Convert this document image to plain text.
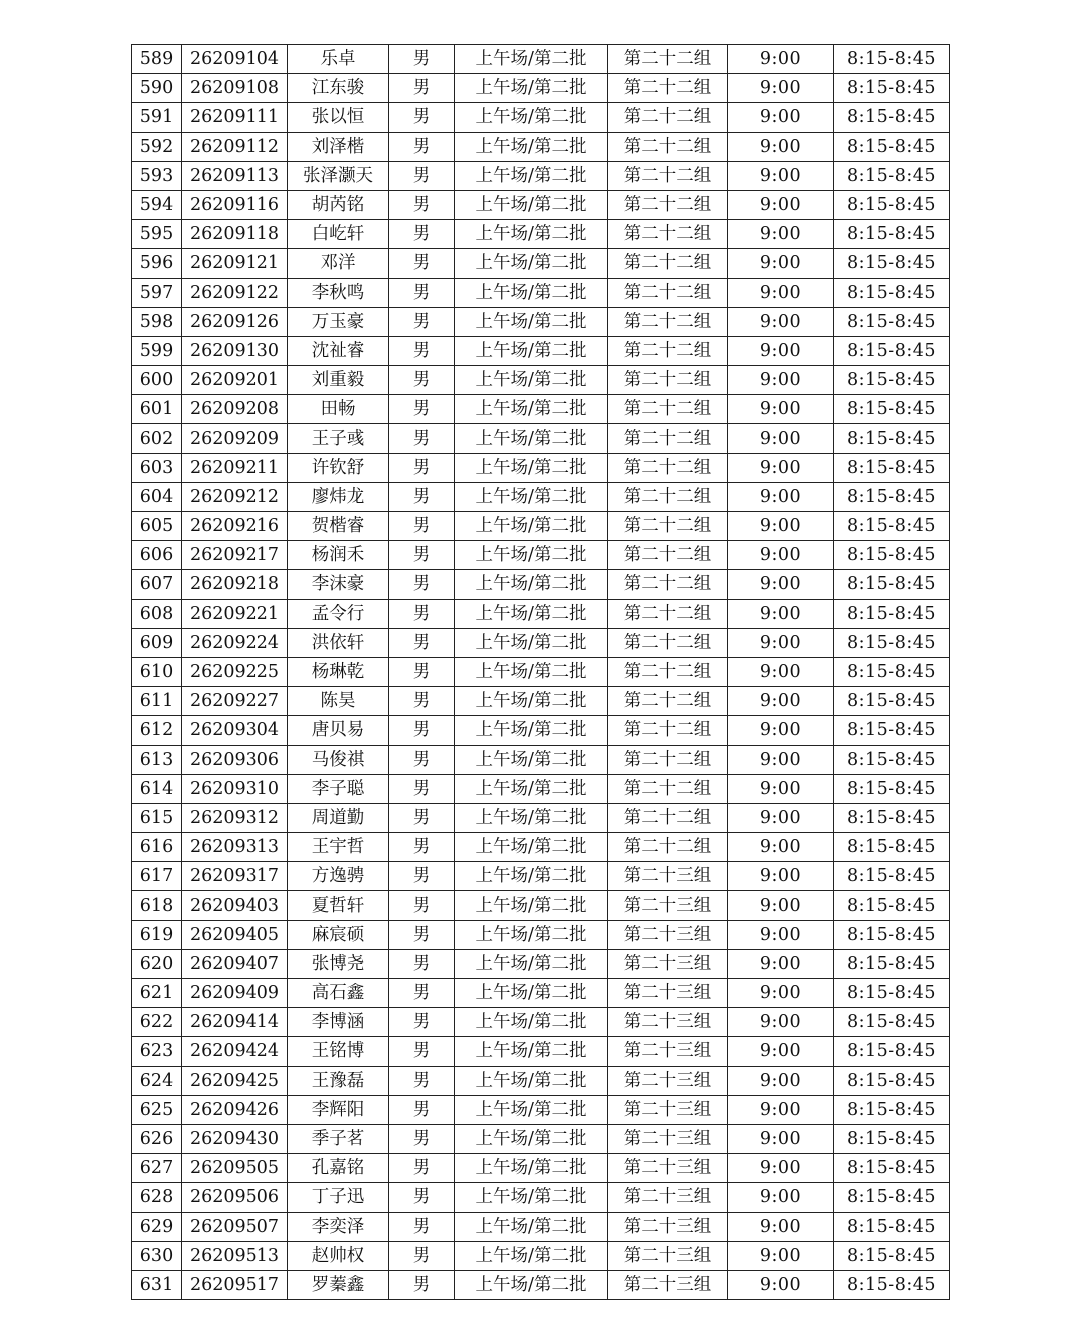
589	26209104	乐卓	男	上午场/第二批	第二十二组	9:00	8:15-8:45
590	26209108	江东骏	男	上午场/第二批	第二十二组	9:00	8:15-8:45
591	26209111	张以恒	男	上午场/第二批	第二十二组	9:00	8:15-8:45
592	26209112	刘泽楷	男	上午场/第二批	第二十二组	9:00	8:15-8:45
593	26209113	张泽灏天	男	上午场/第二批	第二十二组	9:00	8:15-8:45
594	26209116	胡芮铭	男	上午场/第二批	第二十二组	9:00	8:15-8:45
595	26209118	白屹轩	男	上午场/第二批	第二十二组	9:00	8:15-8:45
596	26209121	邓洋	男	上午场/第二批	第二十二组	9:00	8:15-8:45
597	26209122	李秋鸣	男	上午场/第二批	第二十二组	9:00	8:15-8:45
598	26209126	万玉豪	男	上午场/第二批	第二十二组	9:00	8:15-8:45
599	26209130	沈祉睿	男	上午场/第二批	第二十二组	9:00	8:15-8:45
600	26209201	刘重毅	男	上午场/第二批	第二十二组	9:00	8:15-8:45
601	26209208	田畅	男	上午场/第二批	第二十二组	9:00	8:15-8:45
602	26209209	王子彧	男	上午场/第二批	第二十二组	9:00	8:15-8:45
603	26209211	许钦舒	男	上午场/第二批	第二十二组	9:00	8:15-8:45
604	26209212	廖炜龙	男	上午场/第二批	第二十二组	9:00	8:15-8:45
605	26209216	贺楷睿	男	上午场/第二批	第二十二组	9:00	8:15-8:45
606	26209217	杨润禾	男	上午场/第二批	第二十二组	9:00	8:15-8:45
607	26209218	李沫豪	男	上午场/第二批	第二十二组	9:00	8:15-8:45
608	26209221	孟令行	男	上午场/第二批	第二十二组	9:00	8:15-8:45
609	26209224	洪依轩	男	上午场/第二批	第二十二组	9:00	8:15-8:45
610	26209225	杨琳乾	男	上午场/第二批	第二十二组	9:00	8:15-8:45
611	26209227	陈昊	男	上午场/第二批	第二十二组	9:00	8:15-8:45
612	26209304	唐贝易	男	上午场/第二批	第二十二组	9:00	8:15-8:45
613	26209306	马俊祺	男	上午场/第二批	第二十二组	9:00	8:15-8:45
614	26209310	李子聪	男	上午场/第二批	第二十二组	9:00	8:15-8:45
615	26209312	周道勤	男	上午场/第二批	第二十二组	9:00	8:15-8:45
616	26209313	王宇哲	男	上午场/第二批	第二十二组	9:00	8:15-8:45
617	26209317	方逸骋	男	上午场/第二批	第二十三组	9:00	8:15-8:45
618	26209403	夏哲轩	男	上午场/第二批	第二十三组	9:00	8:15-8:45
619	26209405	麻宸硕	男	上午场/第二批	第二十三组	9:00	8:15-8:45
620	26209407	张博尧	男	上午场/第二批	第二十三组	9:00	8:15-8:45
621	26209409	高石鑫	男	上午场/第二批	第二十三组	9:00	8:15-8:45
622	26209414	李博涵	男	上午场/第二批	第二十三组	9:00	8:15-8:45
623	26209424	王铭博	男	上午场/第二批	第二十三组	9:00	8:15-8:45
624	26209425	王豫磊	男	上午场/第二批	第二十三组	9:00	8:15-8:45
625	26209426	李辉阳	男	上午场/第二批	第二十三组	9:00	8:15-8:45
626	26209430	季子茗	男	上午场/第二批	第二十三组	9:00	8:15-8:45
627	26209505	孔嘉铭	男	上午场/第二批	第二十三组	9:00	8:15-8:45
628	26209506	丁子迅	男	上午场/第二批	第二十三组	9:00	8:15-8:45
629	26209507	李奕泽	男	上午场/第二批	第二十三组	9:00	8:15-8:45
630	26209513	赵帅权	男	上午场/第二批	第二十三组	9:00	8:15-8:45
631	26209517	罗蓁鑫	男	上午场/第二批	第二十三组	9:00	8:15-8:45
